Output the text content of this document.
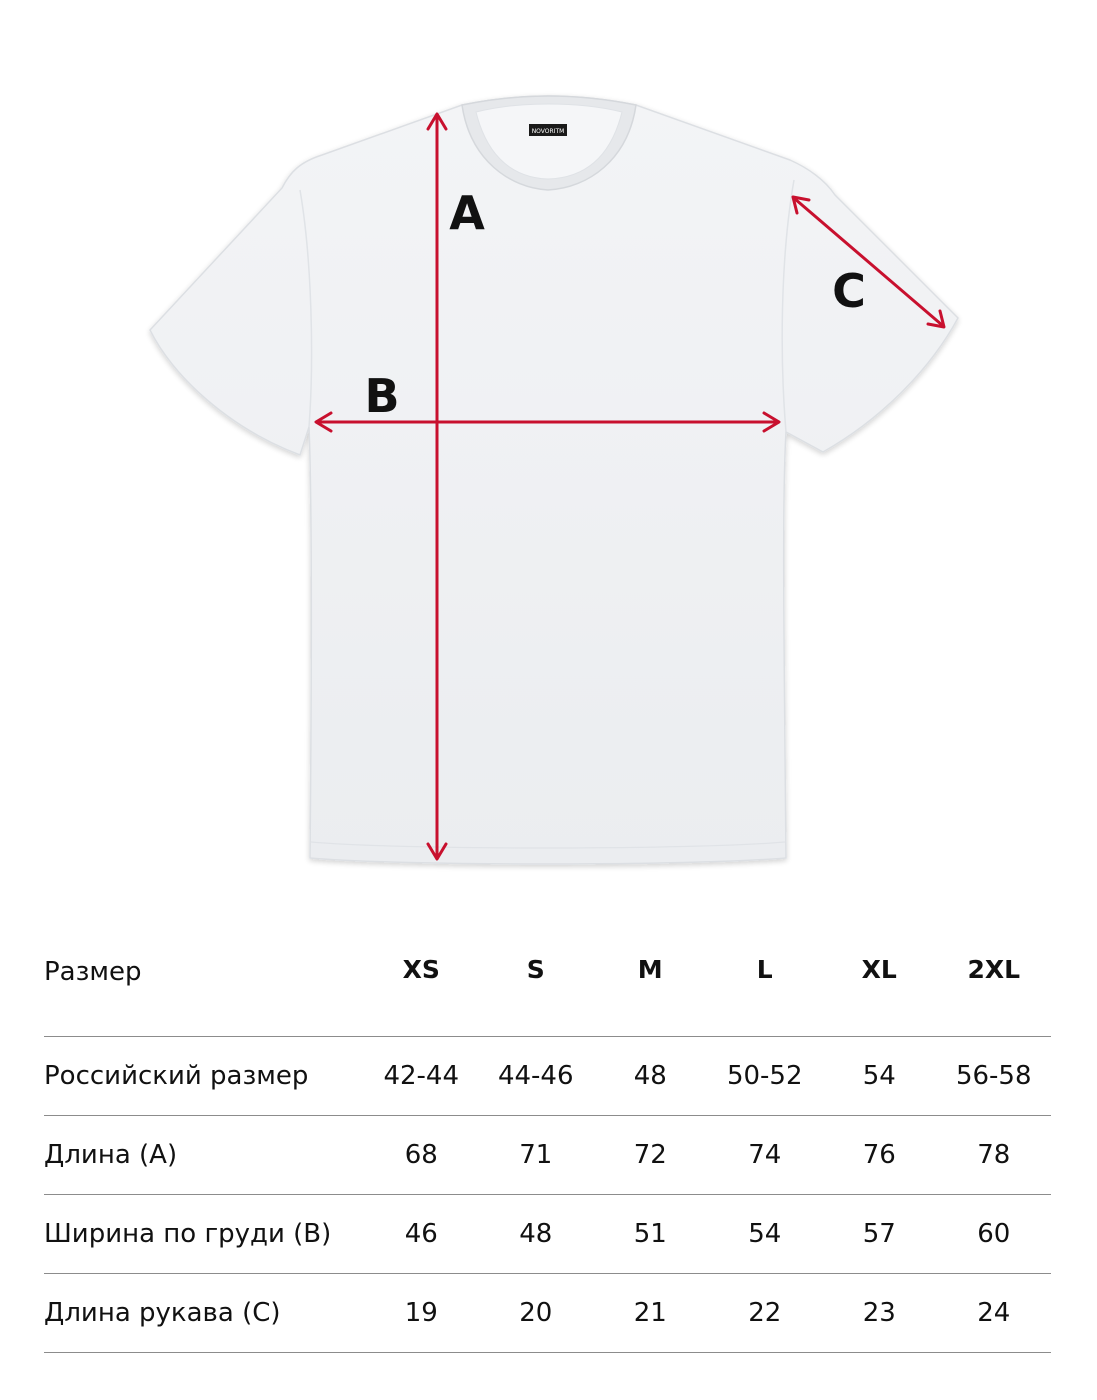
NOVORITM
A
B
C
Размер	XS	S	M	L	XL	2XL
Российский размер	42-44	44-46	48	50-52	54	56-58
Длина (A)	68	71	72	74	76	78
Ширина по груди (B)	46	48	51	54	57	60
Длина рукава (C)	19	20	21	22	23	24
